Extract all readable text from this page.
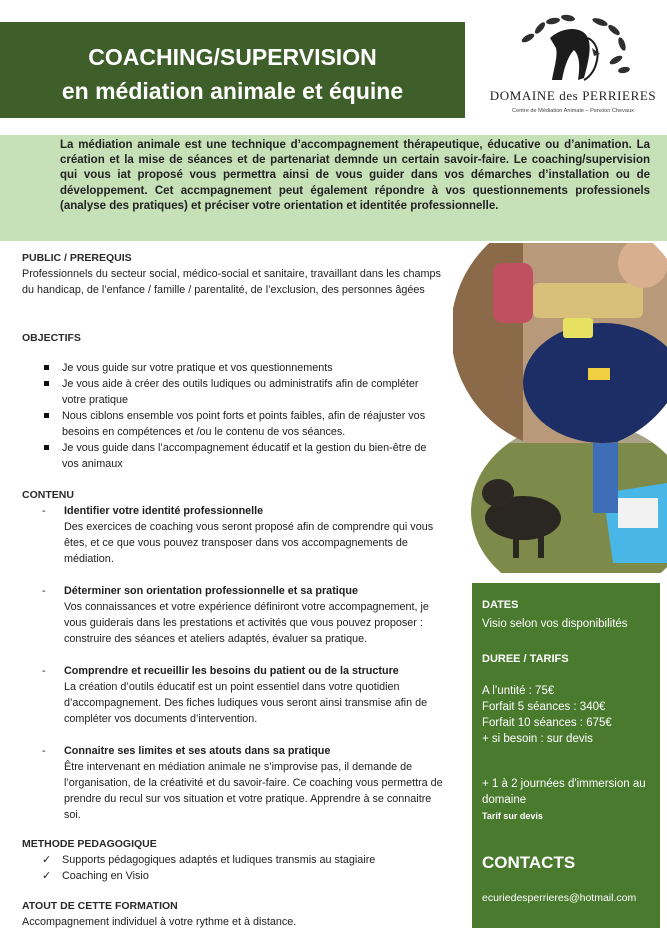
COACHING/SUPERVISION
en médiation animale et équine	DOMAINE des PERRIERES
Centre de Médiation Animale – Pension Chevaux
La médiation animale est une technique d’accompagnement thérapeutique, éducative ou d’animation. La création et la mise de séances et de partenariat demnde un certain savoir-faire. Le coaching/supervision qui vous iat proposé vous permettra ainsi de vous guider dans vos démarches d’installation ou de développement. Cet accmpagnement peut également répondre à vos questionnements professionels (analyse des pratiques) et préciser votre orientation et identitée professionnelle.
PUBLIC / PREREQUIS
Professionnels du secteur social, médico-social et sanitaire, travaillant dans les champs du handicap, de l’enfance / famille / parentalité, de l’exclusion, des personnes âgées
OBJECTIFS
Je vous guide sur votre pratique et vos questionnements
Je vous aide à créer des outils ludiques ou administratifs afin de compléter votre pratique
Nous ciblons ensemble vos point forts et points faibles, afin de réajuster vos besoins en compétences et /ou le contenu de vos séances.
Je vous guide dans l’accompagnement éducatif et la gestion du bien-être de vos animaux
CONTENU
- Identifier votre identité professionnelle
Des exercices de coaching vous seront proposé afin de comprendre qui vous êtes, et ce que vous pouvez transposer dans vos accompagnements de médiation.
- Déterminer son orientation professionnelle et sa pratique
Vos connaissances et votre expérience définiront votre accompagnement, je vous guiderais dans les prestations et activités que vous pouvez proposer : construire des séances et ateliers adaptés, évaluer sa pratique.
- Comprendre et recueillir les besoins du patient ou de la structure
La création d’outils éducatif est un point essentiel dans votre quotidien d’accompagnement. Des fiches ludiques vous seront ainsi transmise afin de compléter vos documents d’intervention.
- Connaitre ses limites et ses atouts dans sa pratique
Être intervenant en médiation animale ne s’improvise pas, il demande de l’organisation, de la créativité et du savoir-faire. Ce coaching vous permettra de prendre du recul sur vos situation et votre pratique. Apprendre à se connaitre soi.
METHODE PEDAGOGIQUE
✓ Supports pédagogiques adaptés et ludiques transmis au stagiaire
✓ Coaching en Visio
ATOUT DE CETTE FORMATION
Accompagnement individuel à votre rythme et à distance.
DATES
Visio selon vos disponibilités
DUREE / TARIFS
A l’untité : 75€
Forfait 5 séances : 340€
Forfait 10 séances : 675€
+ si besoin : sur devis
+ 1 à 2 journées d'immersion au domaine
Tarif sur devis
CONTACTS
ecuriedesperrieres@hotmail.com
